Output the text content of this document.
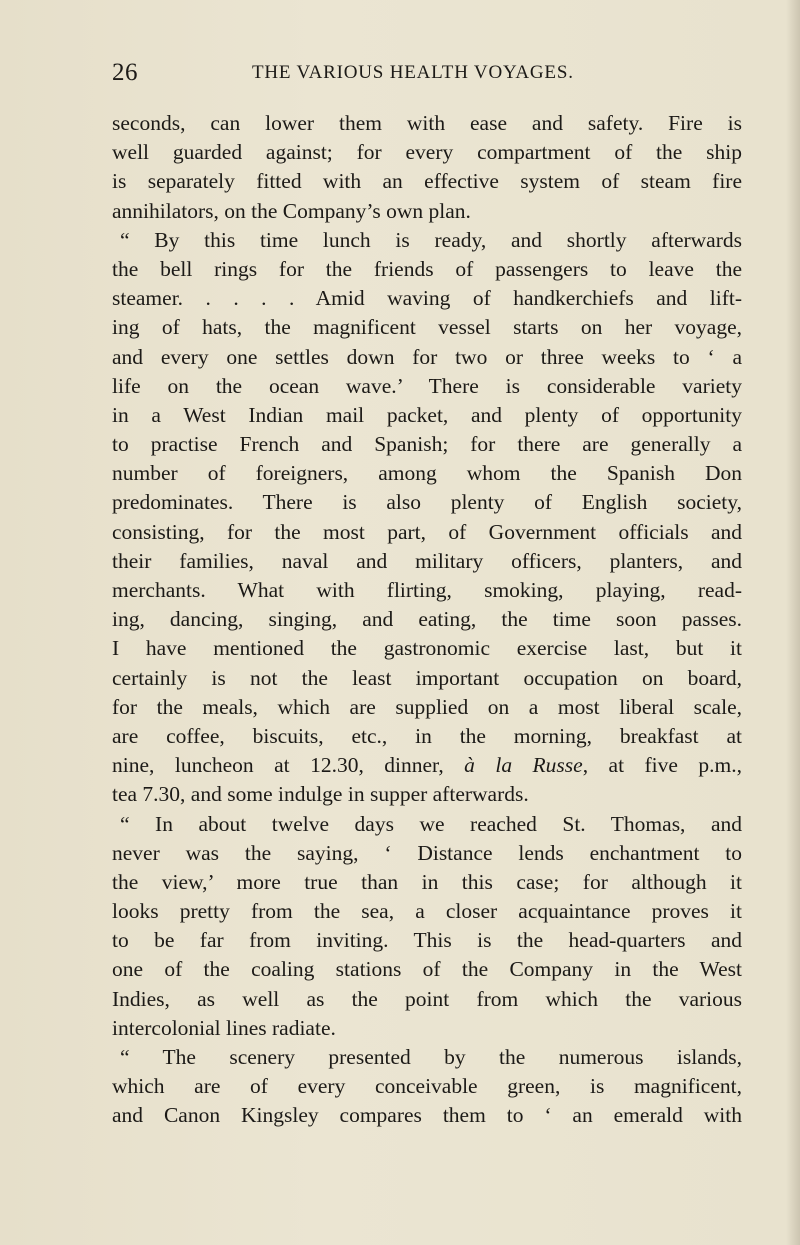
26	THE VARIOUS HEALTH VOYAGES.
seconds, can lower them with ease and safety. Fire is
well guarded against; for every compartment of the ship
is separately fitted with an effective system of steam fire
annihilators, on the Company’s own plan.
“ By this time lunch is ready, and shortly afterwards
the bell rings for the friends of passengers to leave the
steamer. . . . . Amid waving of handkerchiefs and lift-
ing of hats, the magnificent vessel starts on her voyage,
and every one settles down for two or three weeks to ‘ a
life on the ocean wave.’ There is considerable variety
in a West Indian mail packet, and plenty of opportunity
to practise French and Spanish; for there are generally a
number of foreigners, among whom the Spanish Don
predominates. There is also plenty of English society,
consisting, for the most part, of Government officials and
their families, naval and military officers, planters, and
merchants. What with flirting, smoking, playing, read-
ing, dancing, singing, and eating, the time soon passes.
I have mentioned the gastronomic exercise last, but it
certainly is not the least important occupation on board,
for the meals, which are supplied on a most liberal scale,
are coffee, biscuits, etc., in the morning, breakfast at
nine, luncheon at 12.30, dinner, à la Russe, at five p.m.,
tea 7.30, and some indulge in supper afterwards.
“ In about twelve days we reached St. Thomas, and
never was the saying, ‘ Distance lends enchantment to
the view,’ more true than in this case; for although it
looks pretty from the sea, a closer acquaintance proves it
to be far from inviting. This is the head-quarters and
one of the coaling stations of the Company in the West
Indies, as well as the point from which the various
intercolonial lines radiate.
“ The scenery presented by the numerous islands,
which are of every conceivable green, is magnificent,
and Canon Kingsley compares them to ‘ an emerald with
